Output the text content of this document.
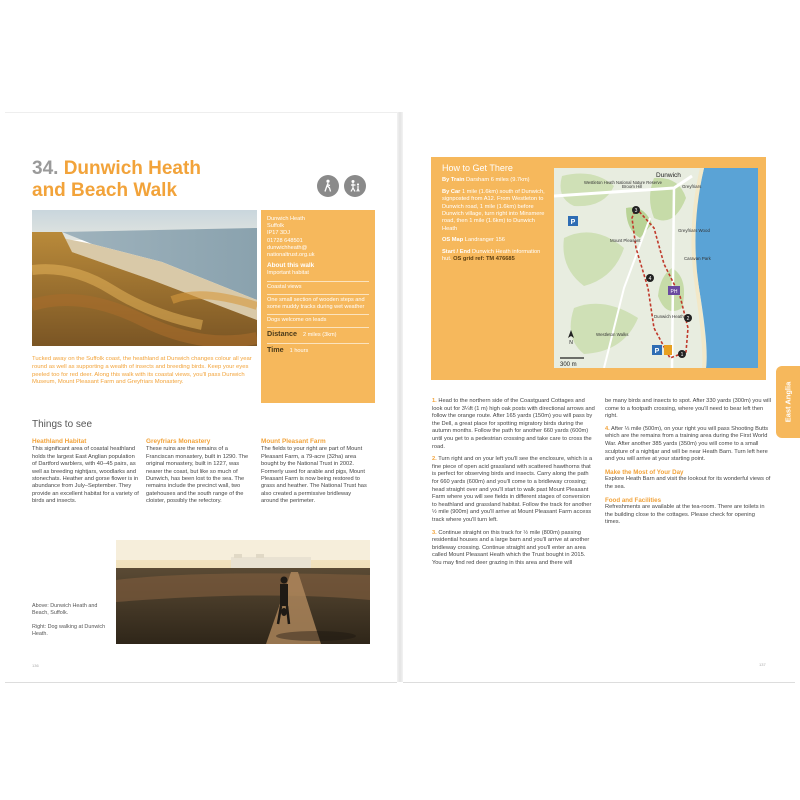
34. Dunwich Heath
and Beach Walk
Dunwich Heath
Suffolk
IP17 3DJ
01728 648501
dunwichheath@
nationaltrust.org.uk
About this walk
Important habitat
Coastal views
One small section of wooden steps and some muddy tracks during wet weather
Dogs welcome on leads
Distance 2 miles (3km)
Time 1 hours
Tucked away on the Suffolk coast, the heathland at Dunwich changes colour all year round as well as supporting a wealth of insects and breeding birds. Keep your eyes peeled too for red deer. Along this walk with its coastal views, you'll pass Dunwich Museum, Mount Pleasant Farm and Greyfriars Monastery.
Things to see
Heathland Habitat
This significant area of coastal heathland holds the largest East Anglian population of Dartford warblers, with 40–45 pairs, as well as breeding nightjars, woodlarks and stonechats. Heather and gorse flower is in abundance from July–September. They provide an excellent habitat for a variety of birds and insects.
Greyfriars Monastery
These ruins are the remains of a Franciscan monastery, built in 1290. The original monastery, built in 1227, was nearer the coast, but like so much of Dunwich, has been lost to the sea. The remains include the precinct wall, two gatehouses and the south range of the cloister, possibly the refectory.
Mount Pleasant Farm
The fields to your right are part of Mount Pleasant Farm, a 79-acre (32ha) area bought by the National Trust in 2002. Formerly used for arable and pigs, Mount Pleasant Farm is now being restored to grass and heather. The National Trust has also created a permissive bridleway around the perimeter.
Above: Dunwich Heath and Beach, Suffolk.

Right: Dog walking at Dunwich Heath.
136
How to Get There
By Train Darsham 6 miles (9.7km)
By Car 1 mile (1.6km) south of Dunwich, signposted from A12. From Westleton to Dunwich road, 1 mile (1.6km) before Dunwich village, turn right into Minsmere road, then 1 mile (1.6km) to Dunwich Heath
OS Map Landranger 156
Start / End Dunwich Heath information hut. OS grid ref: TM 476685
1
2
3
4
P
PH
P
Dunwich
Broom Hill	Greyfriars
Greyfriars Wood
Westleton Heath National Nature Reserve
Mount Pleasant
Caravan Park
Dunwich Heath
Westleton Walks
N
300 m
1. Head to the northern side of the Coastguard Cottages and look out for 3¼ft (1 m) high oak posts with directional arrows and follow the orange route. After 165 yards (150m) you will pass by the Dell, a great place for spotting migratory birds during the autumn months. Follow the path for another 660 yards (600m) until you get to a pedestrian crossing and take care to cross the road.
2. Turn right and on your left you'll see the enclosure, which is a fine piece of open acid grassland with scattered hawthorns that is perfect for observing birds and insects. Carry along the path for 660 yards (600m) and you'll come to a bridleway crossing; head straight over and you'll start to walk past Mount Pleasant Farm where you will see fields in different stages of conversion to heathland and grassland habitat. Follow the track for another ½ mile (900m) and you'll arrive at Mount Pleasant Farm access track where you'll turn left.
3. Continue straight on this track for ½ mile (800m) passing residential houses and a large barn and you'll arrive at another bridleway crossing. Continue straight and you'll enter an area called Mount Pleasant Heath which the Trust bought in 2015. You may find red deer grazing in this area and there will
be many birds and insects to spot. After 330 yards (300m) you will come to a footpath crossing, where you'll need to bear left then right.
4. After ⅓ mile (500m), on your right you will pass Shooting Butts which are the remains from a training area during the First World War. After another 385 yards (350m) you will come to a small sculpture of a nightjar and will be near Heath Barn. Turn left here and you will arrive at your starting point.
Make the Most of Your Day
Explore Heath Barn and visit the lookout for its wonderful views of the sea.
Food and Facilities
Refreshments are available at the tea-room. There are toilets in the building close to the cottages. Please check for opening times.
137
East Anglia
